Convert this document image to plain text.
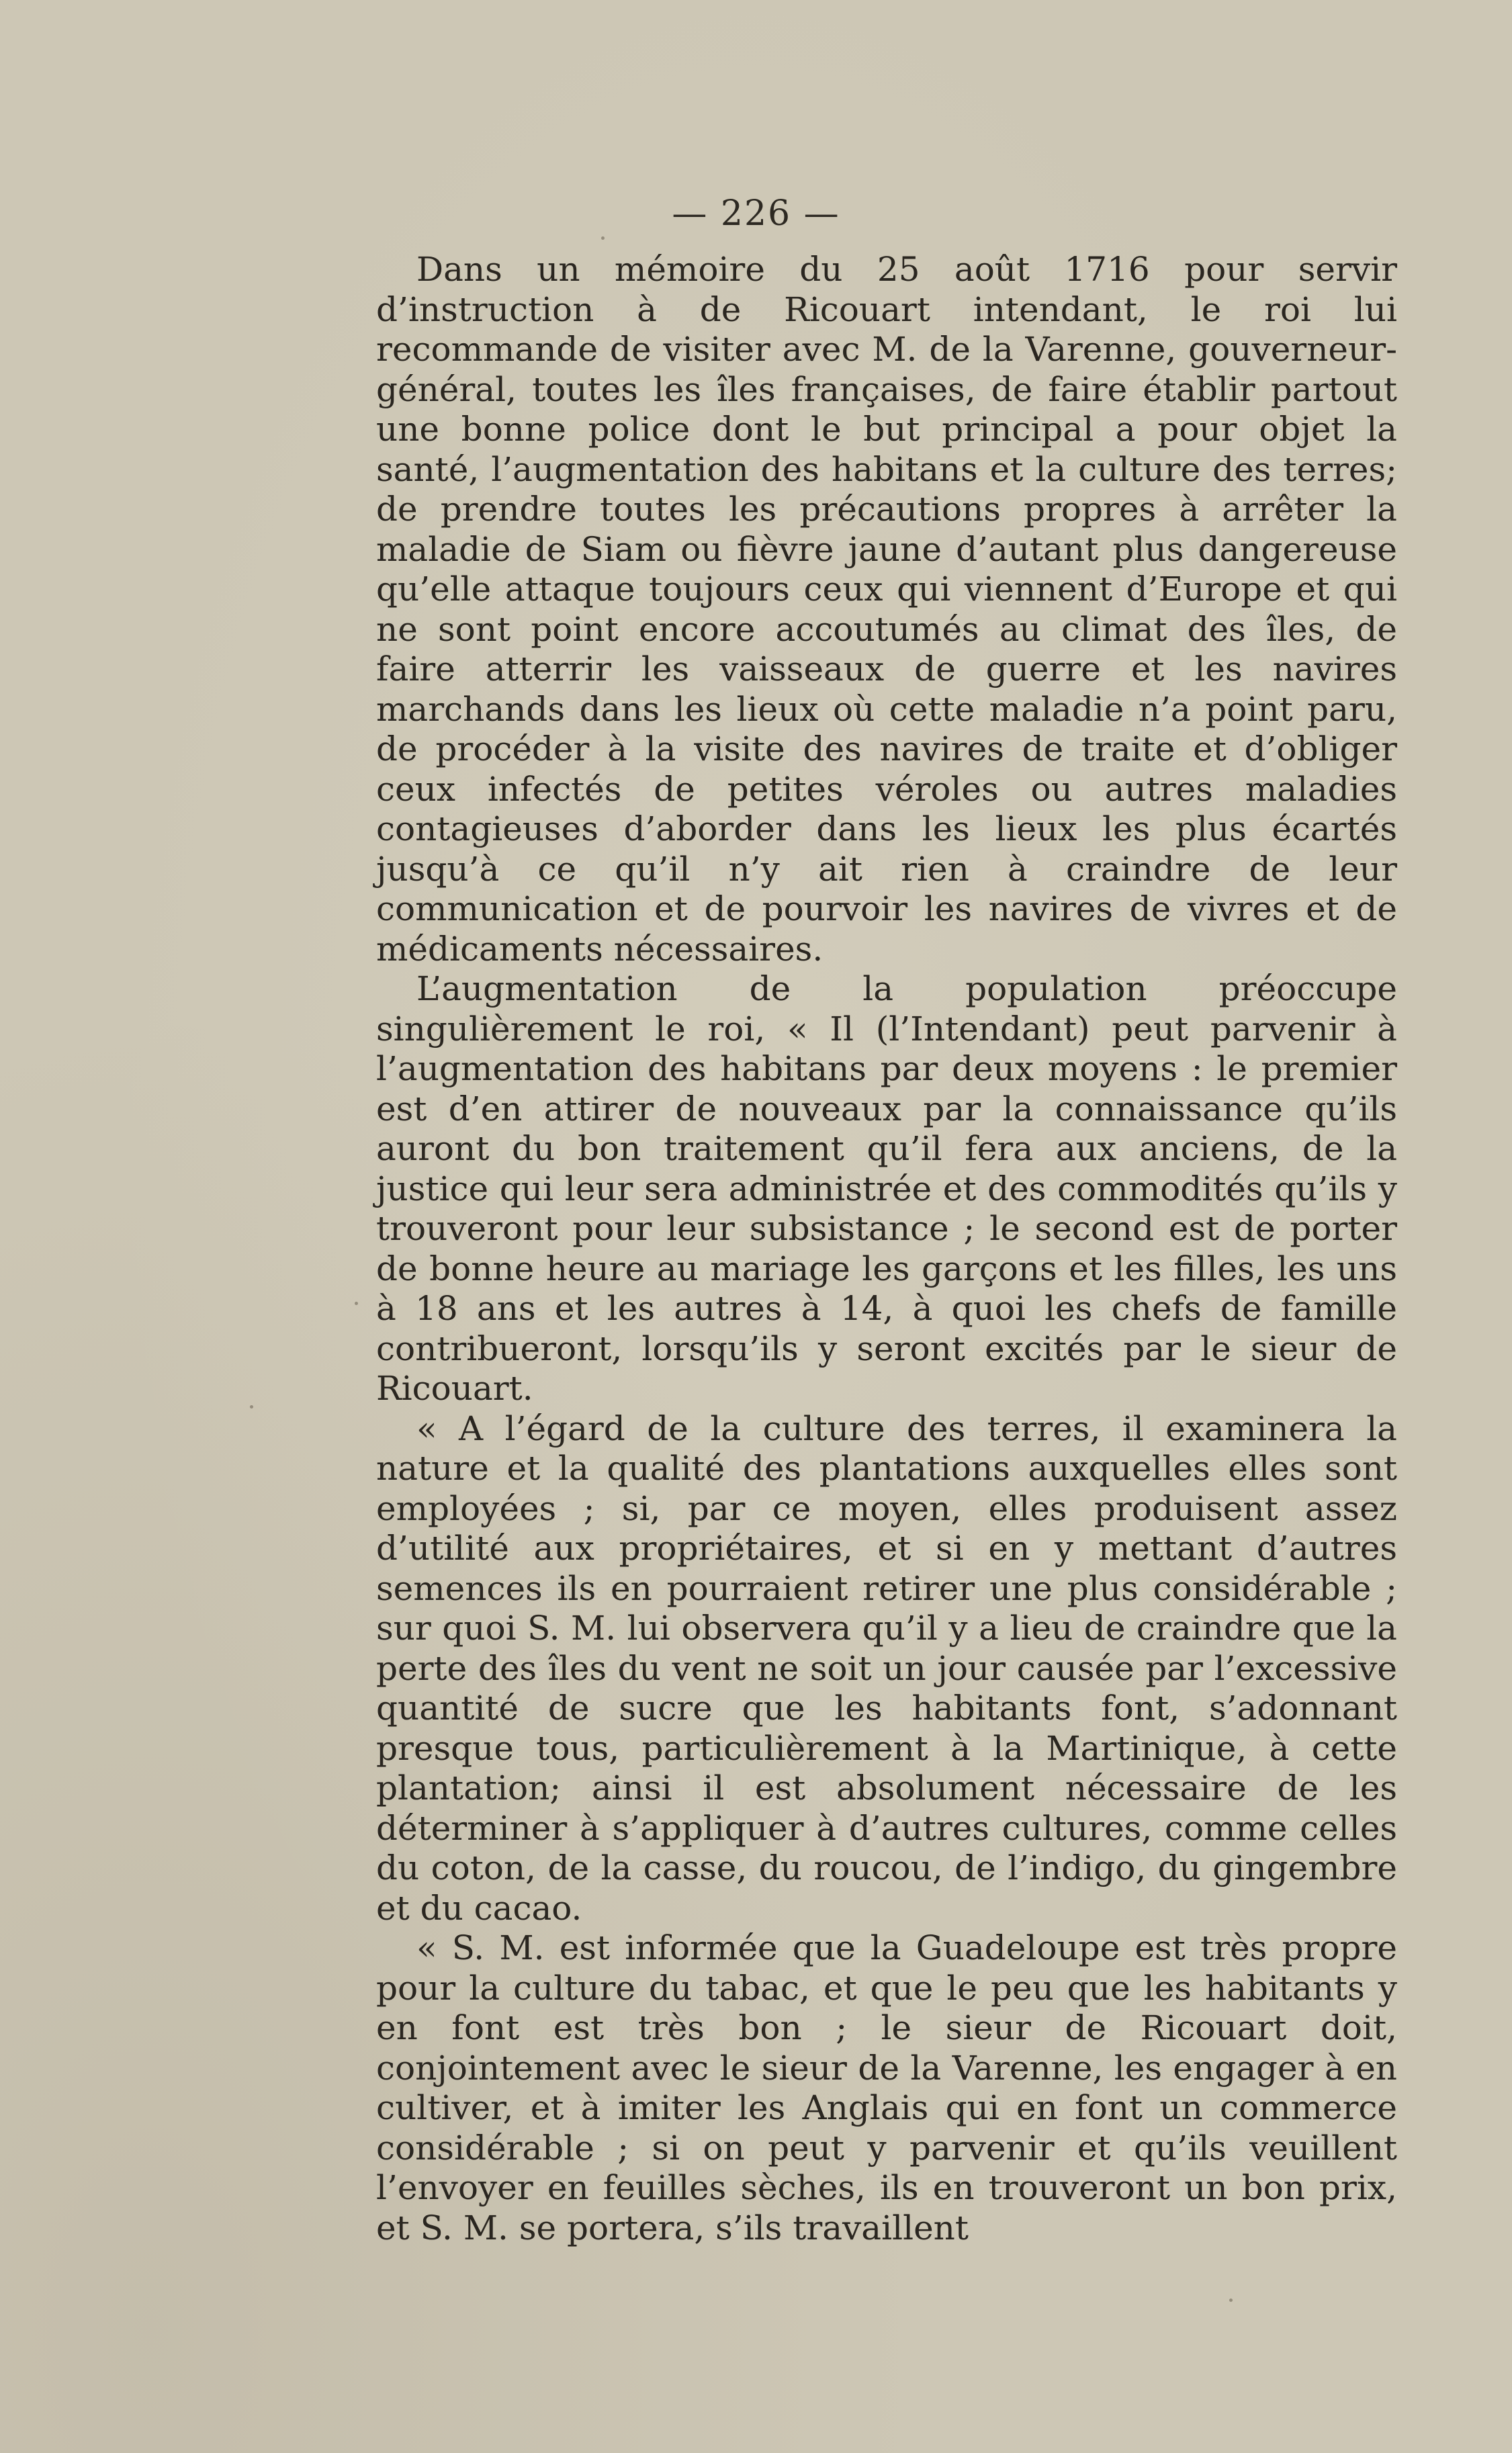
— 226 —

Dans un mémoire du 25 août 1716 pour servir d’instruction à de Ricouart intendant, le roi lui recommande de visiter avec M. de la Varenne, gouverneur-général, toutes les îles françaises, de faire établir partout une bonne police dont le but principal a pour objet la santé, l’augmentation des habitans et la culture des terres; de prendre toutes les précautions propres à arrêter la maladie de Siam ou fièvre jaune d’autant plus dangereuse qu’elle attaque toujours ceux qui viennent d’Europe et qui ne sont point encore accoutumés au climat des îles, de faire atterrir les vaisseaux de guerre et les navires marchands dans les lieux où cette maladie n’a point paru, de procéder à la visite des navires de traite et d’obliger ceux infectés de petites véroles ou autres maladies contagieuses d’aborder dans les lieux les plus écartés jusqu’à ce qu’il n’y ait rien à craindre de leur communication et de pourvoir les navires de vivres et de médicaments nécessaires.

L’augmentation de la population préoccupe singulièrement le roi, « Il (l’Intendant) peut parvenir à l’augmentation des habitans par deux moyens : le premier est d’en attirer de nouveaux par la connaissance qu’ils auront du bon traitement qu’il fera aux anciens, de la justice qui leur sera administrée et des commodités qu’ils y trouveront pour leur subsistance ; le second est de porter de bonne heure au mariage les garçons et les filles, les uns à 18 ans et les autres à 14, à quoi les chefs de famille contribueront, lorsqu’ils y seront excités par le sieur de Ricouart.

« A l’égard de la culture des terres, il examinera la nature et la qualité des plantations auxquelles elles sont employées ; si, par ce moyen, elles produisent assez d’utilité aux propriétaires, et si en y mettant d’autres semences ils en pourraient retirer une plus considérable ; sur quoi S. M. lui observera qu’il y a lieu de craindre que la perte des îles du vent ne soit un jour causée par l’excessive quantité de sucre que les habitants font, s’adonnant presque tous, particulièrement à la Martinique, à cette plantation; ainsi il est absolument nécessaire de les déterminer à s’appliquer à d’autres cultures, comme celles du coton, de la casse, du roucou, de l’indigo, du gingembre et du cacao.

« S. M. est informée que la Guadeloupe est très propre pour la culture du tabac, et que le peu que les habitants y en font est très bon ; le sieur de Ricouart doit, conjointement avec le sieur de la Varenne, les engager à en cultiver, et à imiter les Anglais qui en font un commerce considérable ; si on peut y parvenir et qu’ils veuillent l’envoyer en feuilles sèches, ils en trouveront un bon prix, et S. M. se portera, s’ils travaillent
